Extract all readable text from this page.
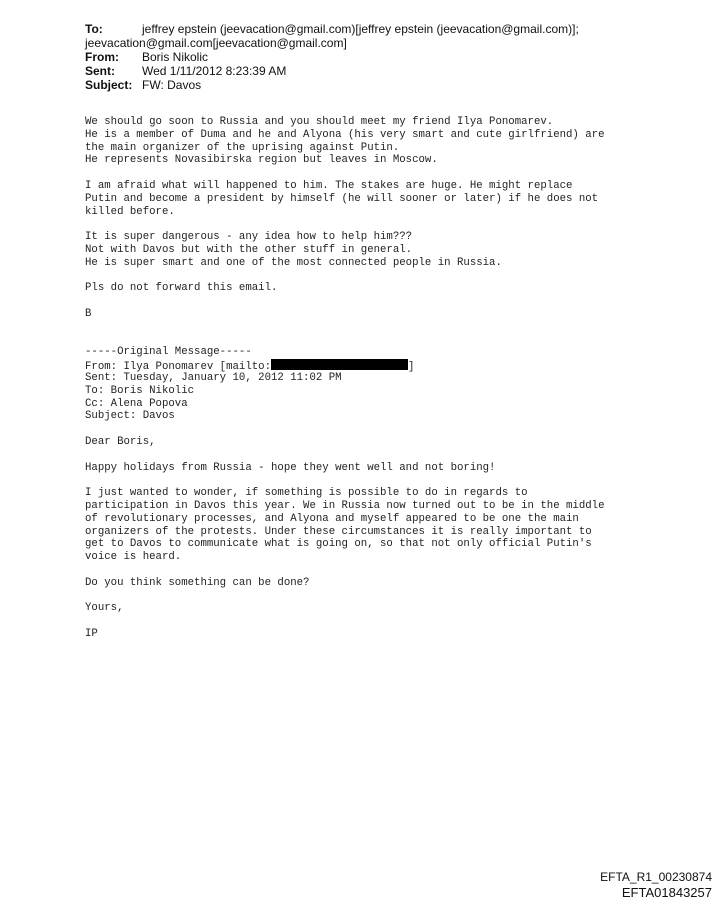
To:	jeffrey epstein (jeevacation@gmail.com)[jeffrey epstein (jeevacation@gmail.com)];
jeevacation@gmail.com[jeevacation@gmail.com]
From:	Boris Nikolic
Sent:	Wed 1/11/2012 8:23:39 AM
Subject: FW: Davos
We should go soon to Russia and you should meet my friend Ilya Ponomarev.
He is a member of Duma and he and Alyona (his very smart and cute girlfriend) are
the main organizer of the uprising against Putin.
He represents Novasibirska region but leaves in Moscow.
I am afraid what will happened to him. The stakes are huge. He might replace
Putin and become a president by himself (he will sooner or later) if he does not
killed before.
It is super dangerous - any idea how to help him???
Not with Davos but with the other stuff in general.
He is super smart and one of the most connected people in Russia.
Pls do not forward this email.
B
-----Original Message-----
From: Ilya Ponomarev [mailto:	]
Sent: Tuesday, January 10, 2012 11:02 PM
To: Boris Nikolic
Cc: Alena Popova
Subject: Davos
Dear Boris,
Happy holidays from Russia - hope they went well and not boring!
I just wanted to wonder, if something is possible to do in regards to
participation in Davos this year. We in Russia now turned out to be in the middle
of revolutionary processes, and Alyona and myself appeared to be one the main
organizers of the protests. Under these circumstances it is really important to
get to Davos to communicate what is going on, so that not only official Putin's
voice is heard.
Do you think something can be done?
Yours,
IP
EFTA_R1_00230874
EFTA01843257
